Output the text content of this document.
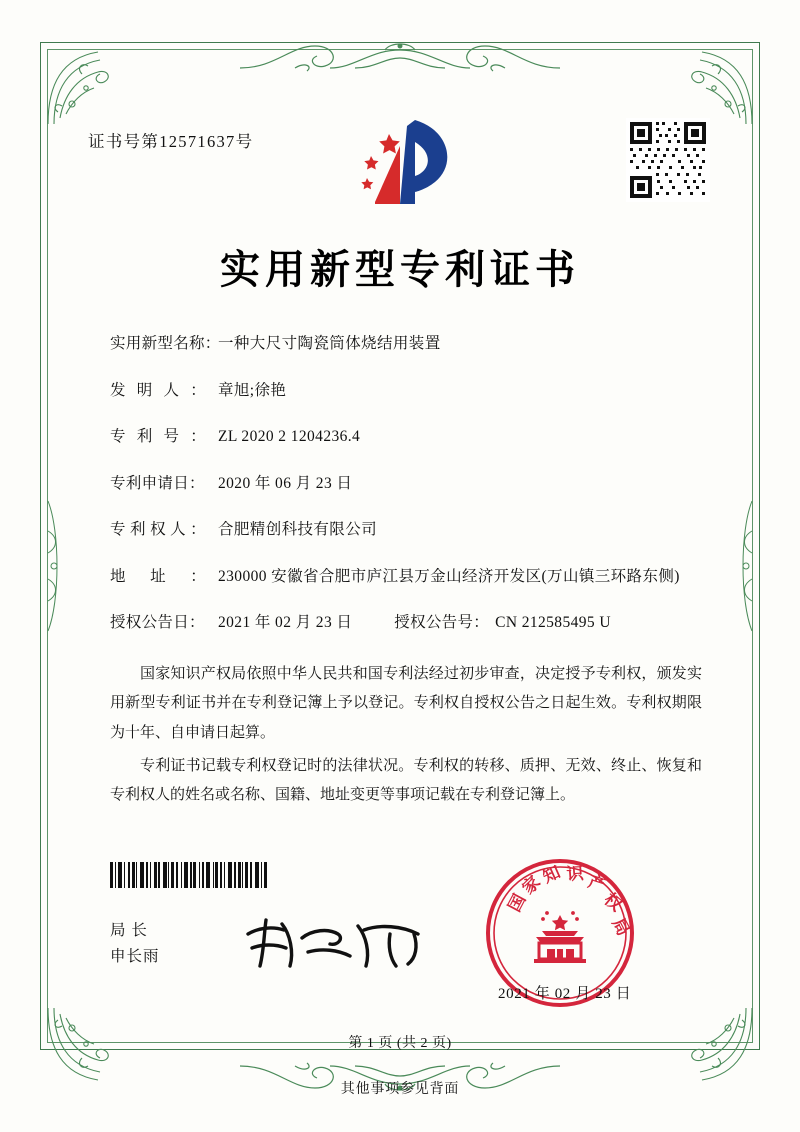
证书号第12571637号
实用新型专利证书
实用新型名称：
一种大尺寸陶瓷筒体烧结用装置
发明人： 章旭;徐艳
专利号： ZL 2020 2 1204236.4
专利申请日： 2020 年 06 月 23 日
专利权人： 合肥精创科技有限公司
地址： 230000 安徽省合肥市庐江县万金山经济开发区(万山镇三环路东侧)
授权公告日： 2021 年 02 月 23 日	授权公告号： CN 212585495 U

国家知识产权局依照中华人民共和国专利法经过初步审查，决定授予专利权，颁发实用新型专利证书并在专利登记簿上予以登记。专利权自授权公告之日起生效。专利权期限为十年、自申请日起算。

专利证书记载专利权登记时的法律状况。专利权的转移、质押、无效、终止、恢复和专利权人的姓名或名称、国籍、地址变更等事项记载在专利登记簿上。

局 长
申长雨
国
家
知 识 产
权
局
2021 年 02 月 23 日
第 1 页 (共 2 页)
其他事项参见背面
